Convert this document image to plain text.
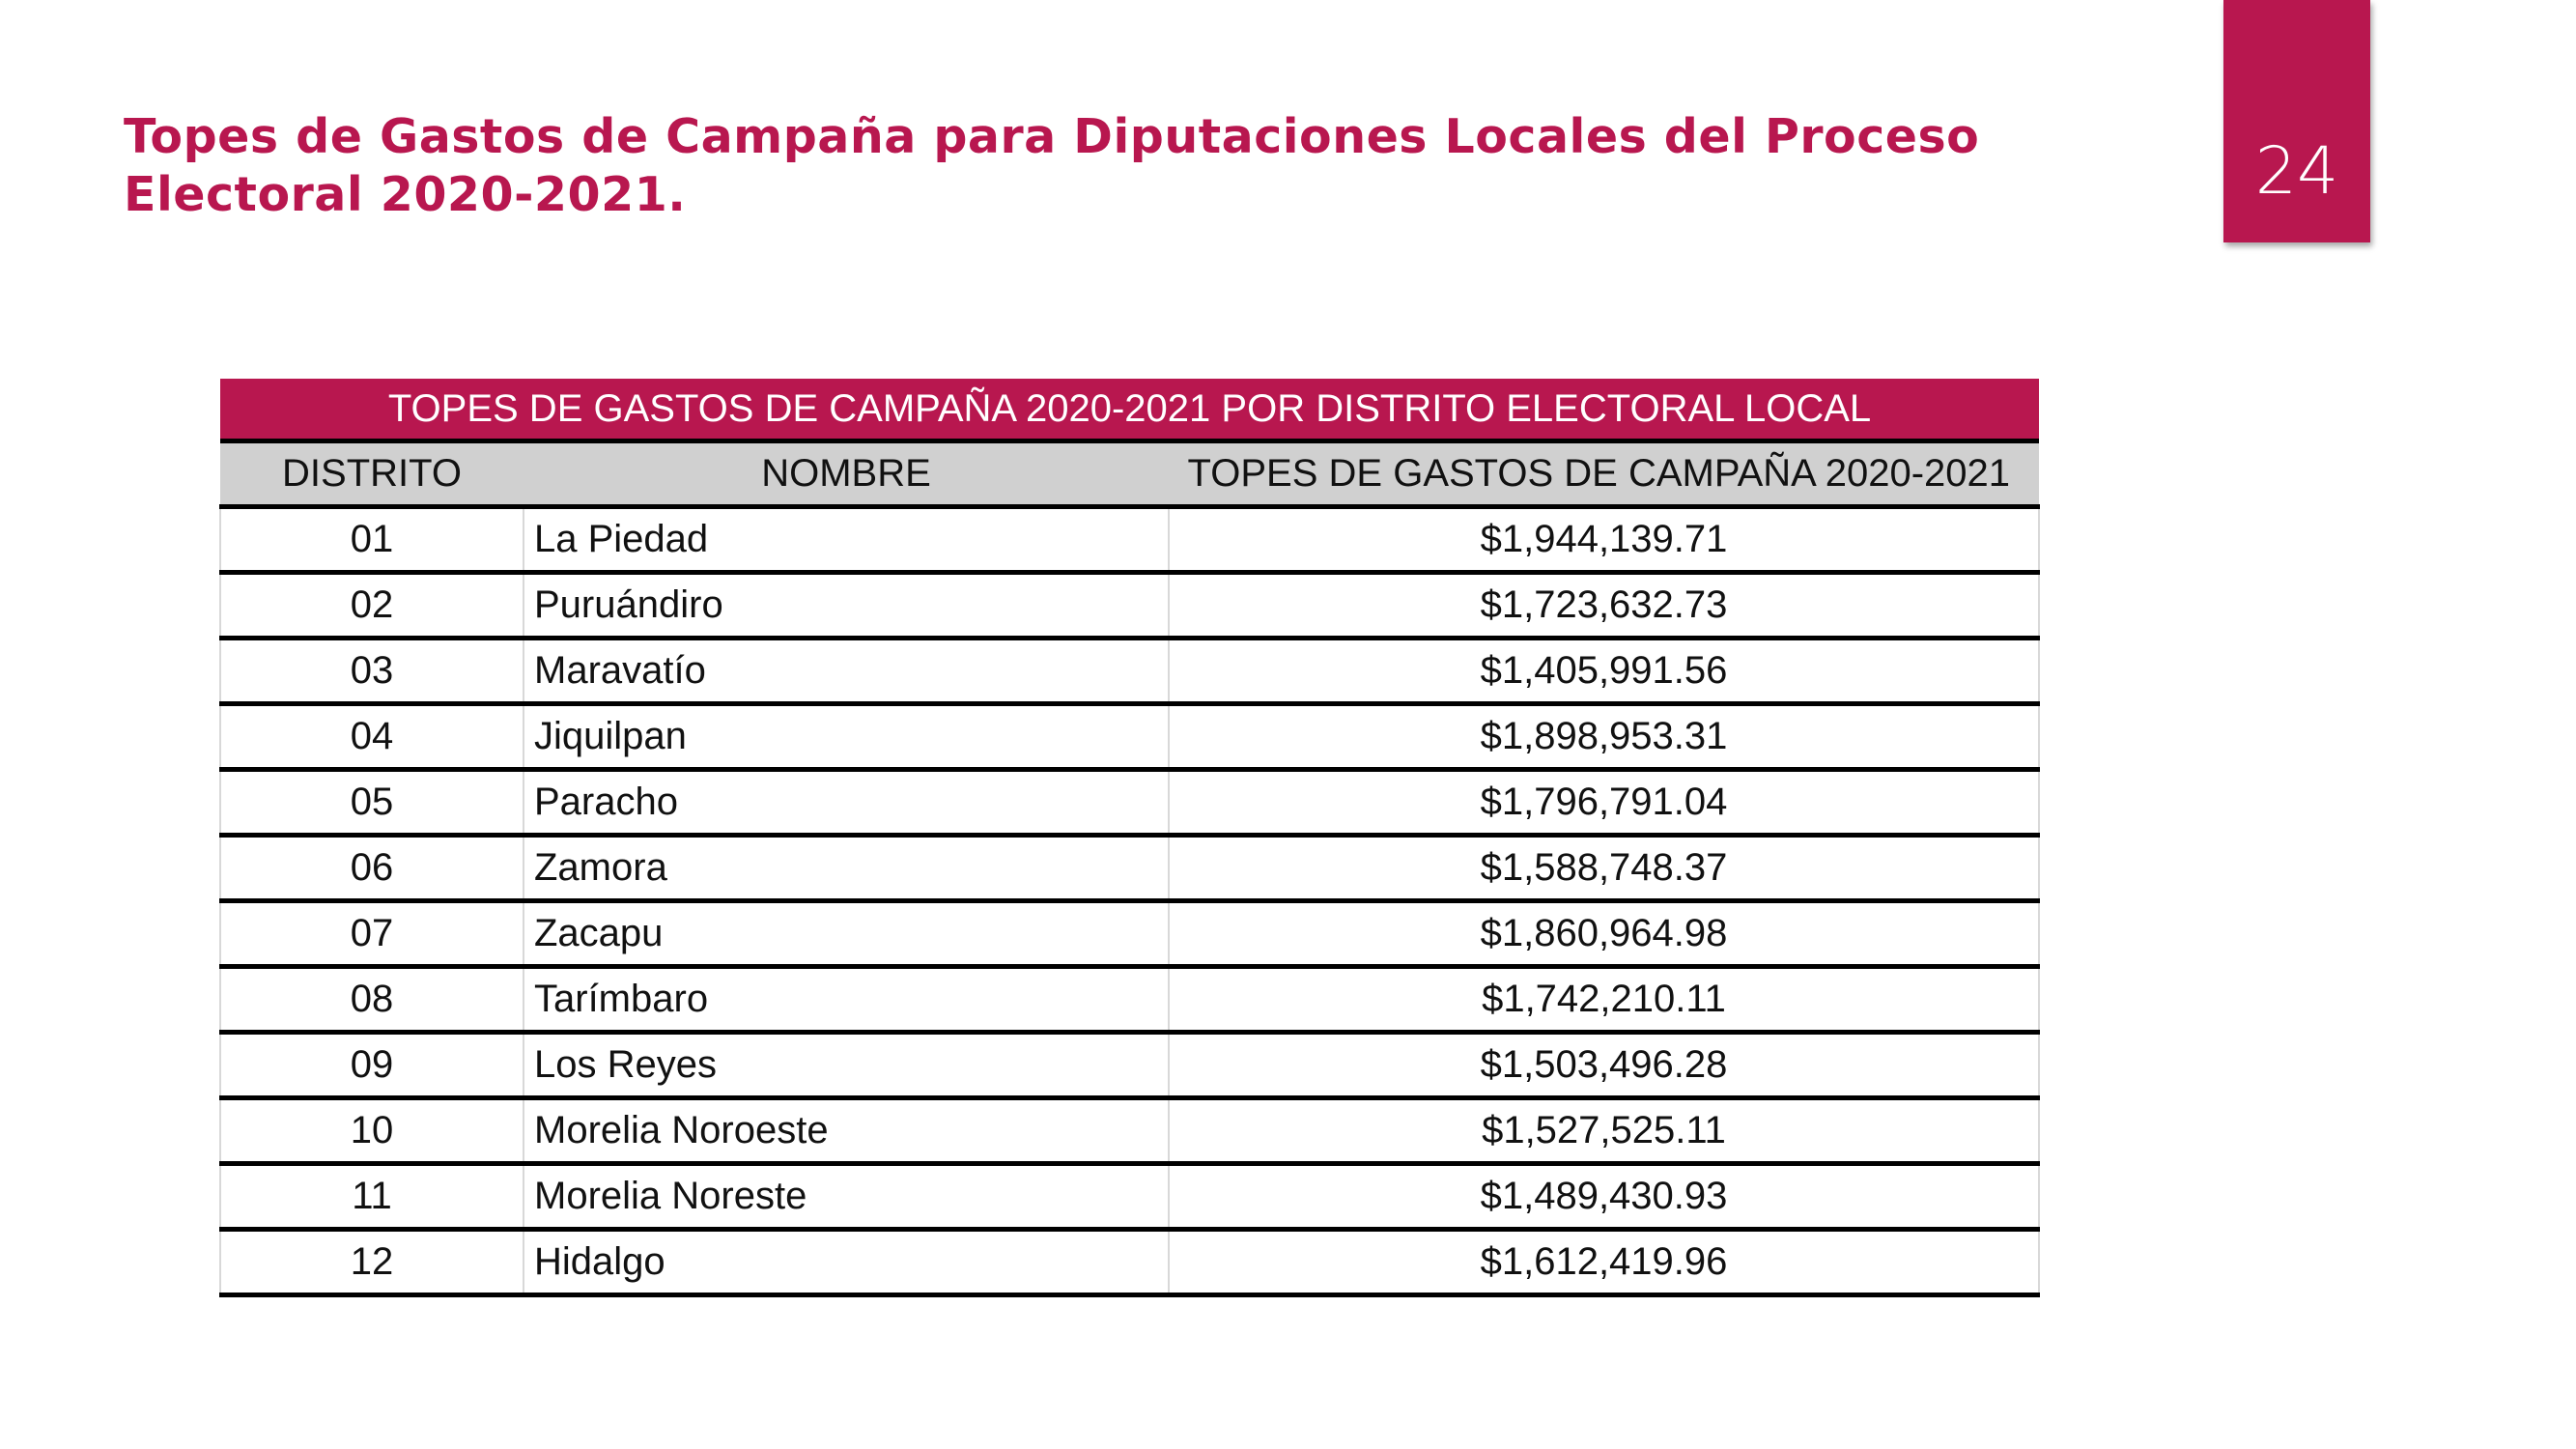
Topes de Gastos de Campaña para Diputaciones Locales del Proceso Electoral 2020-2021.	24
TOPES DE GASTOS DE CAMPAÑA 2020-2021 POR DISTRITO ELECTORAL LOCAL		
DISTRITO	NOMBRE	TOPES DE GASTOS DE CAMPAÑA 2020-2021
01	La Piedad	$1,944,139.71
02	Puruándiro	$1,723,632.73
03	Maravatío	$1,405,991.56
04	Jiquilpan	$1,898,953.31
05	Paracho	$1,796,791.04
06	Zamora	$1,588,748.37
07	Zacapu	$1,860,964.98
08	Tarímbaro	$1,742,210.11
09	Los Reyes	$1,503,496.28
10	Morelia Noroeste	$1,527,525.11
11	Morelia Noreste	$1,489,430.93
12	Hidalgo	$1,612,419.96
